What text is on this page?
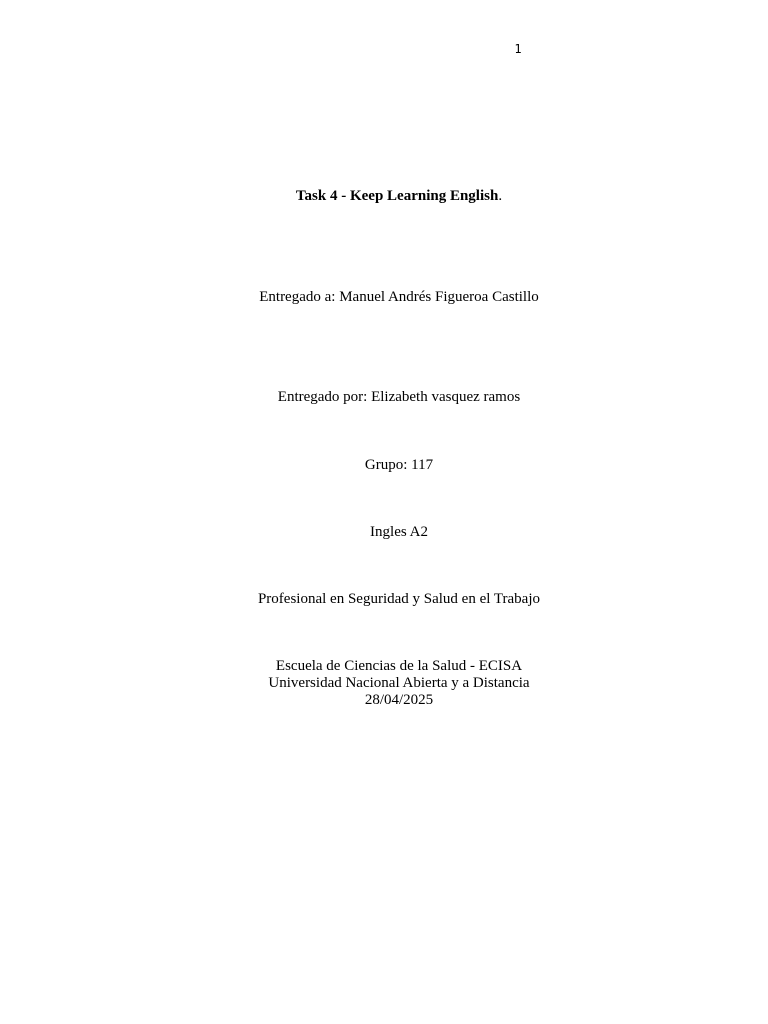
1
Task 4 - Keep Learning English.
Entregado a: Manuel Andrés Figueroa Castillo
Entregado por: Elizabeth vasquez ramos
Grupo: 117
Ingles A2
Profesional en Seguridad y Salud en el Trabajo
Escuela de Ciencias de la Salud - ECISA
Universidad Nacional Abierta y a Distancia
28/04/2025
